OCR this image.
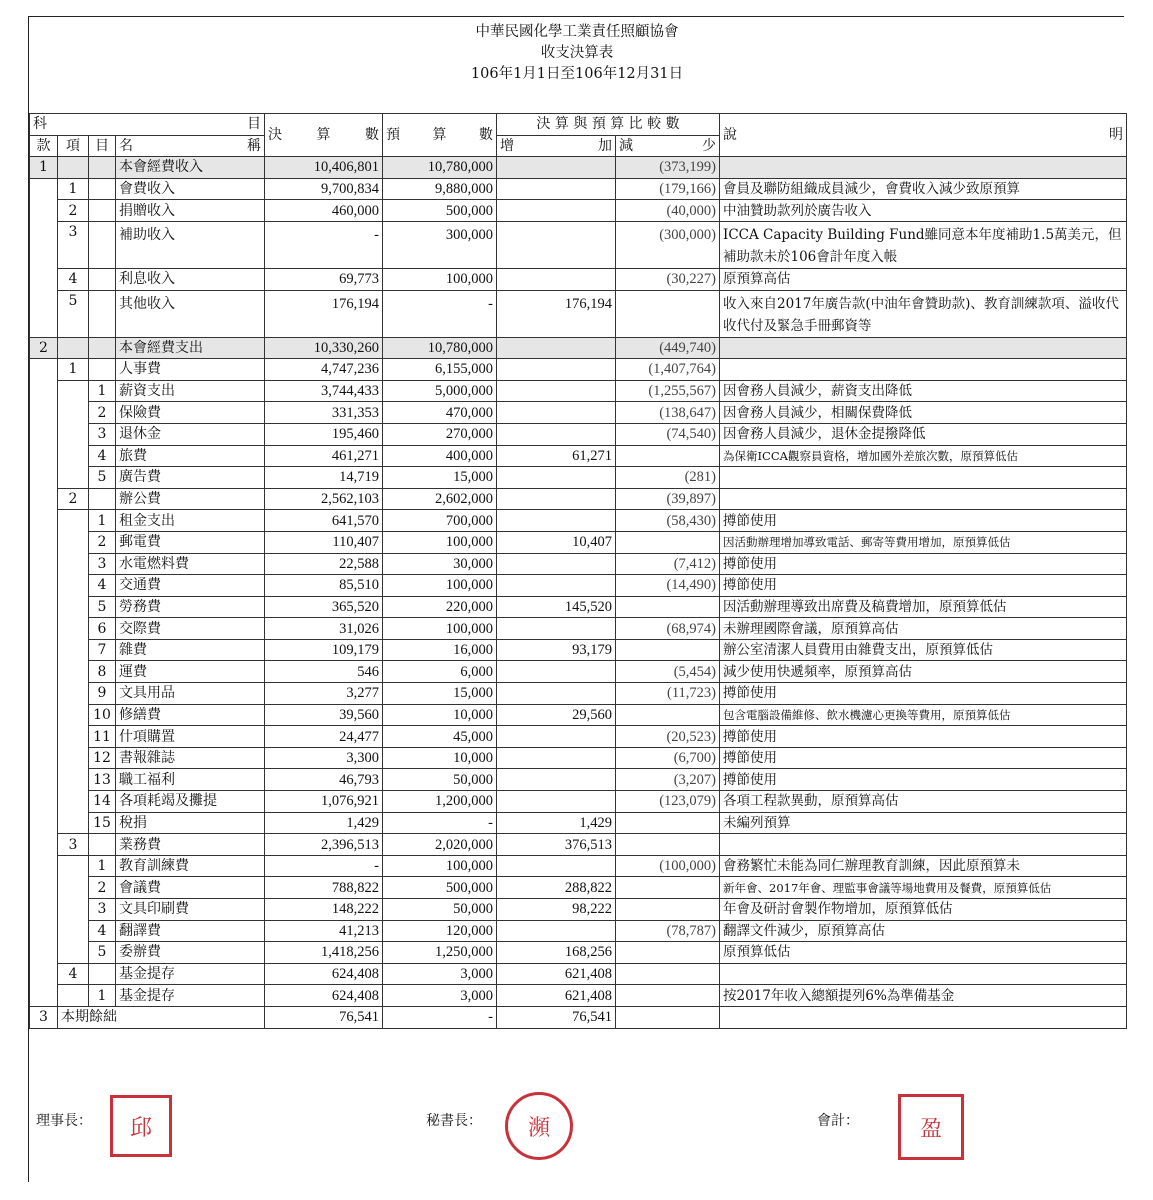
中華民國化學工業責任照顧協會
收支決算表
106年1月1日至106年12月31日
科 目				決 算 數	預 算 數	決 算 與 預 算 比 較 數		說 明

款	項	目	名 稱			增 加	減 少	

1			本會經費收入	10,406,801	10,780,000		(373,199)	
	1		會費收入	9,700,834	9,880,000		(179,166)	會員及聯防組織成員減少，會費收入減少致原預算
	2		捐贈收入	460,000	500,000		(40,000)	中油贊助款列於廣告收入
	3		補助收入	-	300,000		(300,000)	ICCA Capacity Building Fund雖同意本年度補助1.5萬美元，但補助款未於106會計年度入帳
	4		利息收入	69,773	100,000		(30,227)	原預算高估
	5		其他收入	176,194	-	176,194		收入來自2017年廣告款(中油年會贊助款)、教育訓練款項、溢收代收代付及緊急手冊郵資等
2			本會經費支出	10,330,260	10,780,000		(449,740)	
	1		人事費	4,747,236	6,155,000		(1,407,764)	
		1	薪資支出	3,744,433	5,000,000		(1,255,567)	因會務人員減少，薪資支出降低
		2	保險費	331,353	470,000		(138,647)	因會務人員減少，相關保費降低
		3	退休金	195,460	270,000		(74,540)	因會務人員減少，退休金提撥降低
		4	旅費	461,271	400,000	61,271		為保衛ICCA觀察員資格，增加國外差旅次數，原預算低估
		5	廣告費	14,719	15,000		(281)	
	2		辦公費	2,562,103	2,602,000		(39,897)	
		1	租金支出	641,570	700,000		(58,430)	撙節使用
		2	郵電費	110,407	100,000	10,407		因活動辦理增加導致電話、郵寄等費用增加，原預算低估
		3	水電燃料費	22,588	30,000		(7,412)	撙節使用
		4	交通費	85,510	100,000		(14,490)	撙節使用
		5	勞務費	365,520	220,000	145,520		因活動辦理導致出席費及稿費增加，原預算低估
		6	交際費	31,026	100,000		(68,974)	未辦理國際會議，原預算高估
		7	雜費	109,179	16,000	93,179		辦公室清潔人員費用由雜費支出，原預算低估
		8	運費	546	6,000		(5,454)	減少使用快遞頻率，原預算高估
		9	文具用品	3,277	15,000		(11,723)	撙節使用
		10	修繕費	39,560	10,000	29,560		包含電腦設備維修、飲水機濾心更換等費用，原預算低估
		11	什項購置	24,477	45,000		(20,523)	撙節使用
		12	書報雜誌	3,300	10,000		(6,700)	撙節使用
		13	職工福利	46,793	50,000		(3,207)	撙節使用
		14	各項耗竭及攤提	1,076,921	1,200,000		(123,079)	各項工程款異動，原預算高估
		15	稅捐	1,429	-	1,429		未編列預算
	3		業務費	2,396,513	2,020,000	376,513		
		1	教育訓練費	-	100,000		(100,000)	會務繁忙未能為同仁辦理教育訓練，因此原預算未
		2	會議費	788,822	500,000	288,822		新年會、2017年會、理監事會議等場地費用及餐費，原預算低估
		3	文具印刷費	148,222	50,000	98,222		年會及研討會製作物增加，原預算低估
		4	翻譯費	41,213	120,000		(78,787)	翻譯文件減少，原預算高估
		5	委辦費	1,418,256	1,250,000	168,256		原預算低估
	4		基金提存	624,408	3,000	621,408		
		1	基金提存	624,408	3,000	621,408		按2017年收入總額提列6%為準備基金
3	本期餘絀			76,541	-	76,541		
理事長：	邱	秘書長：	瀕	會計：	盈
